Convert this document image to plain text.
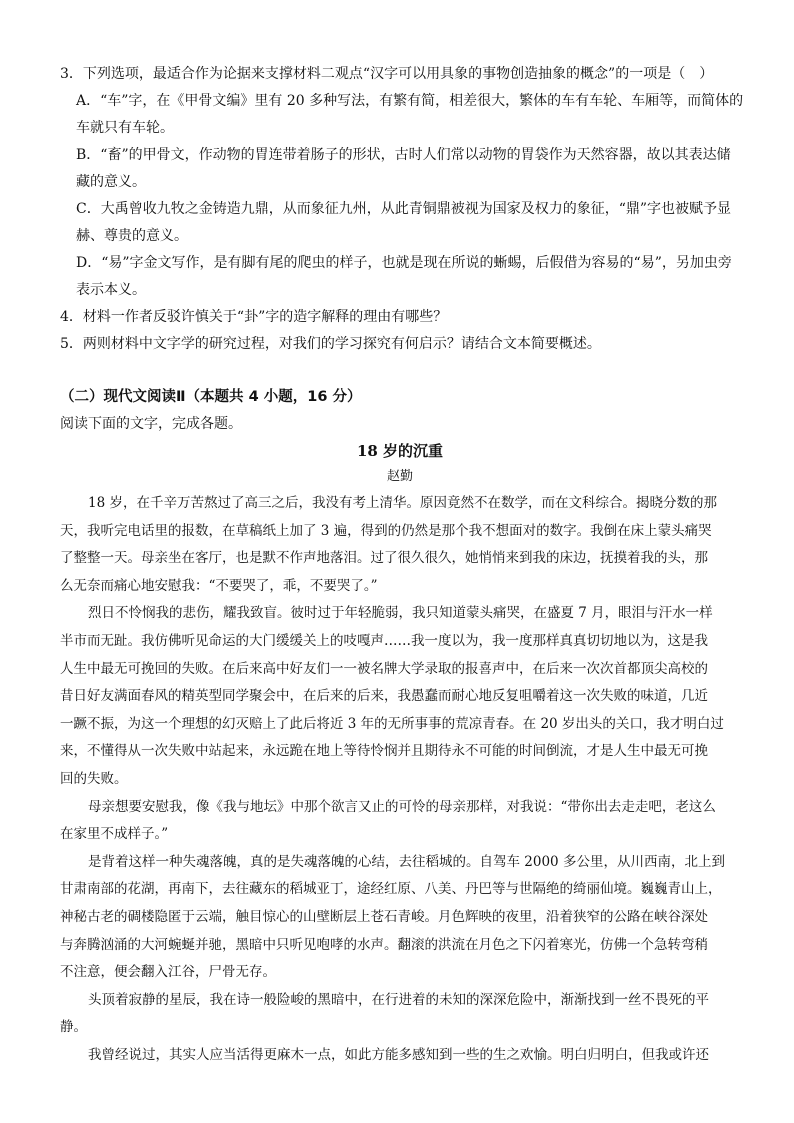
3．下列选项，最适合作为论据来支撑材料二观点“汉字可以用具象的事物创造抽象的概念”的一项是（　）

A．“车”字，在《甲骨文编》里有 20 多种写法，有繁有简，相差很大，繁体的车有车轮、车厢等，而简体的

车就只有车轮。

B．“畜”的甲骨文，作动物的胃连带着肠子的形状，古时人们常以动物的胃袋作为天然容器，故以其表达储

藏的意义。

C．大禹曾收九牧之金铸造九鼎，从而象征九州，从此青铜鼎被视为国家及权力的象征，“鼎”字也被赋予显

赫、尊贵的意义。

D．“易”字金文写作，是有脚有尾的爬虫的样子，也就是现在所说的蜥蜴，后假借为容易的“易”，另加虫旁

表示本义。

4．材料一作者反驳许慎关于“卦”字的造字解释的理由有哪些？

5．两则材料中文字学的研究过程，对我们的学习探究有何启示？请结合文本简要概述。

（二）现代文阅读Ⅱ（本题共 4 小题，16 分）

阅读下面的文字，完成各题。

18 岁的沉重

赵勤

18 岁，在千辛万苦熬过了高三之后，我没有考上清华。原因竟然不在数学，而在文科综合。揭晓分数的那

天，我听完电话里的报数，在草稿纸上加了 3 遍，得到的仍然是那个我不想面对的数字。我倒在床上蒙头痛哭

了整整一天。母亲坐在客厅，也是默不作声地落泪。过了很久很久，她悄悄来到我的床边，抚摸着我的头，那

么无奈而痛心地安慰我：“不要哭了，乖，不要哭了。”

烈日不怜悯我的悲伤，耀我致盲。彼时过于年轻脆弱，我只知道蒙头痛哭，在盛夏 7 月，眼泪与汗水一样

半市而无趾。我仿佛听见命运的大门缓缓关上的吱嘎声……我一度以为，我一度那样真真切切地以为，这是我

人生中最无可挽回的失败。在后来高中好友们一一被名牌大学录取的报喜声中，在后来一次次首都顶尖高校的

昔日好友满面春风的精英型同学聚会中，在后来的后来，我愚蠢而耐心地反复咀嚼着这一次失败的味道，几近

一蹶不振，为这一个理想的幻灭赔上了此后将近 3 年的无所事事的荒凉青春。在 20 岁出头的关口，我才明白过

来，不懂得从一次失败中站起来，永远跪在地上等待怜悯并且期待永不可能的时间倒流，才是人生中最无可挽

回的失败。

母亲想要安慰我，像《我与地坛》中那个欲言又止的可怜的母亲那样，对我说：“带你出去走走吧，老这么

在家里不成样子。”

是背着这样一种失魂落魄，真的是失魂落魄的心结，去往稻城的。自驾车 2000 多公里，从川西南，北上到

甘肃南部的花湖，再南下，去往藏东的稻城亚丁，途经红原、八美、丹巴等与世隔绝的绮丽仙境。巍巍青山上，

神秘古老的碉楼隐匿于云端，触目惊心的山壁断层上苍石青峻。月色辉映的夜里，沿着狭窄的公路在峡谷深处

与奔腾汹涌的大河蜿蜒并驰，黑暗中只听见咆哮的水声。翻滚的洪流在月色之下闪着寒光，仿佛一个急转弯稍

不注意，便会翻入江谷，尸骨无存。

头顶着寂静的星辰，我在诗一般险峻的黑暗中，在行进着的未知的深深危险中，渐渐找到一丝不畏死的平

静。

我曾经说过，其实人应当活得更麻木一点，如此方能多感知到一些的生之欢愉。明白归明白，但我或许还
